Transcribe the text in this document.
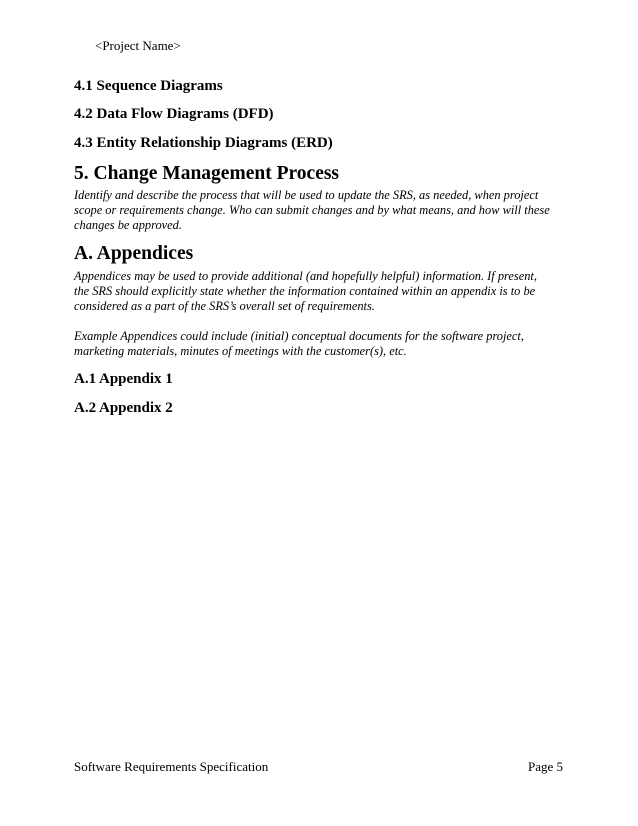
<Project Name>
4.1 Sequence Diagrams
4.2 Data Flow Diagrams (DFD)
4.3 Entity Relationship Diagrams (ERD)
5. Change Management Process
Identify and describe the process that will be used to update the SRS, as needed, when project
scope or requirements change. Who can submit changes and by what means, and how will these
changes be approved.
A. Appendices
Appendices may be used to provide additional (and hopefully helpful) information. If present,
the SRS should explicitly state whether the information contained within an appendix is to be
considered as a part of the SRS’s overall set of requirements.
Example Appendices could include (initial) conceptual documents for the software project,
marketing materials, minutes of meetings with the customer(s), etc.
A.1 Appendix 1
A.2 Appendix 2
Software Requirements Specification	Page 5
